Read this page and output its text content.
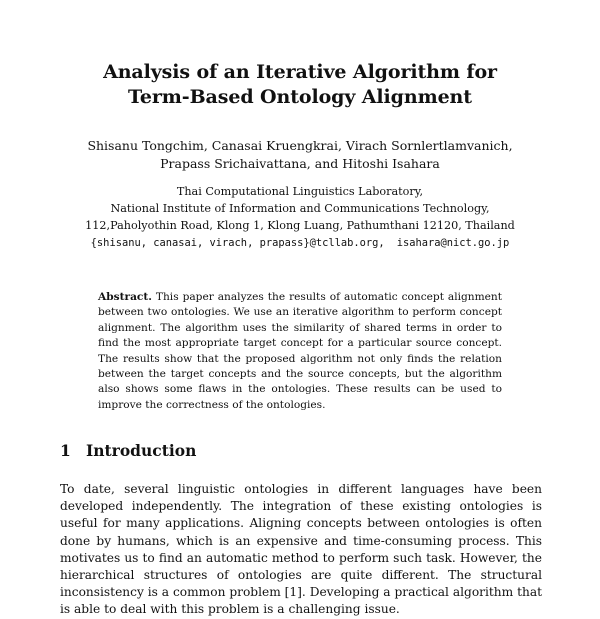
Analysis of an Iterative Algorithm for
Term-Based Ontology Alignment
Shisanu Tongchim, Canasai Kruengkrai, Virach Sornlertlamvanich,
Prapass Srichaivattana, and Hitoshi Isahara
Thai Computational Linguistics Laboratory,
National Institute of Information and Communications Technology,
112,Paholyothin Road, Klong 1, Klong Luang, Pathumthani 12120, Thailand
{shisanu, canasai, virach, prapass}@tcllab.org, isahara@nict.go.jp
Abstract. This paper analyzes the results of automatic concept alignment between two ontologies. We use an iterative algorithm to perform concept alignment. The algorithm uses the similarity of shared terms in order to find the most appropriate target concept for a particular source concept. The results show that the proposed algorithm not only finds the relation between the target concepts and the source concepts, but the algorithm also shows some flaws in the ontologies. These results can be used to improve the correctness of the ontologies.
1 Introduction
To date, several linguistic ontologies in different languages have been developed independently. The integration of these existing ontologies is useful for many applications. Aligning concepts between ontologies is often done by humans, which is an expensive and time-consuming process. This motivates us to find an automatic method to perform such task. However, the hierarchical structures of ontologies are quite different. The structural inconsistency is a common problem [1]. Developing a practical algorithm that is able to deal with this problem is a challenging issue.
